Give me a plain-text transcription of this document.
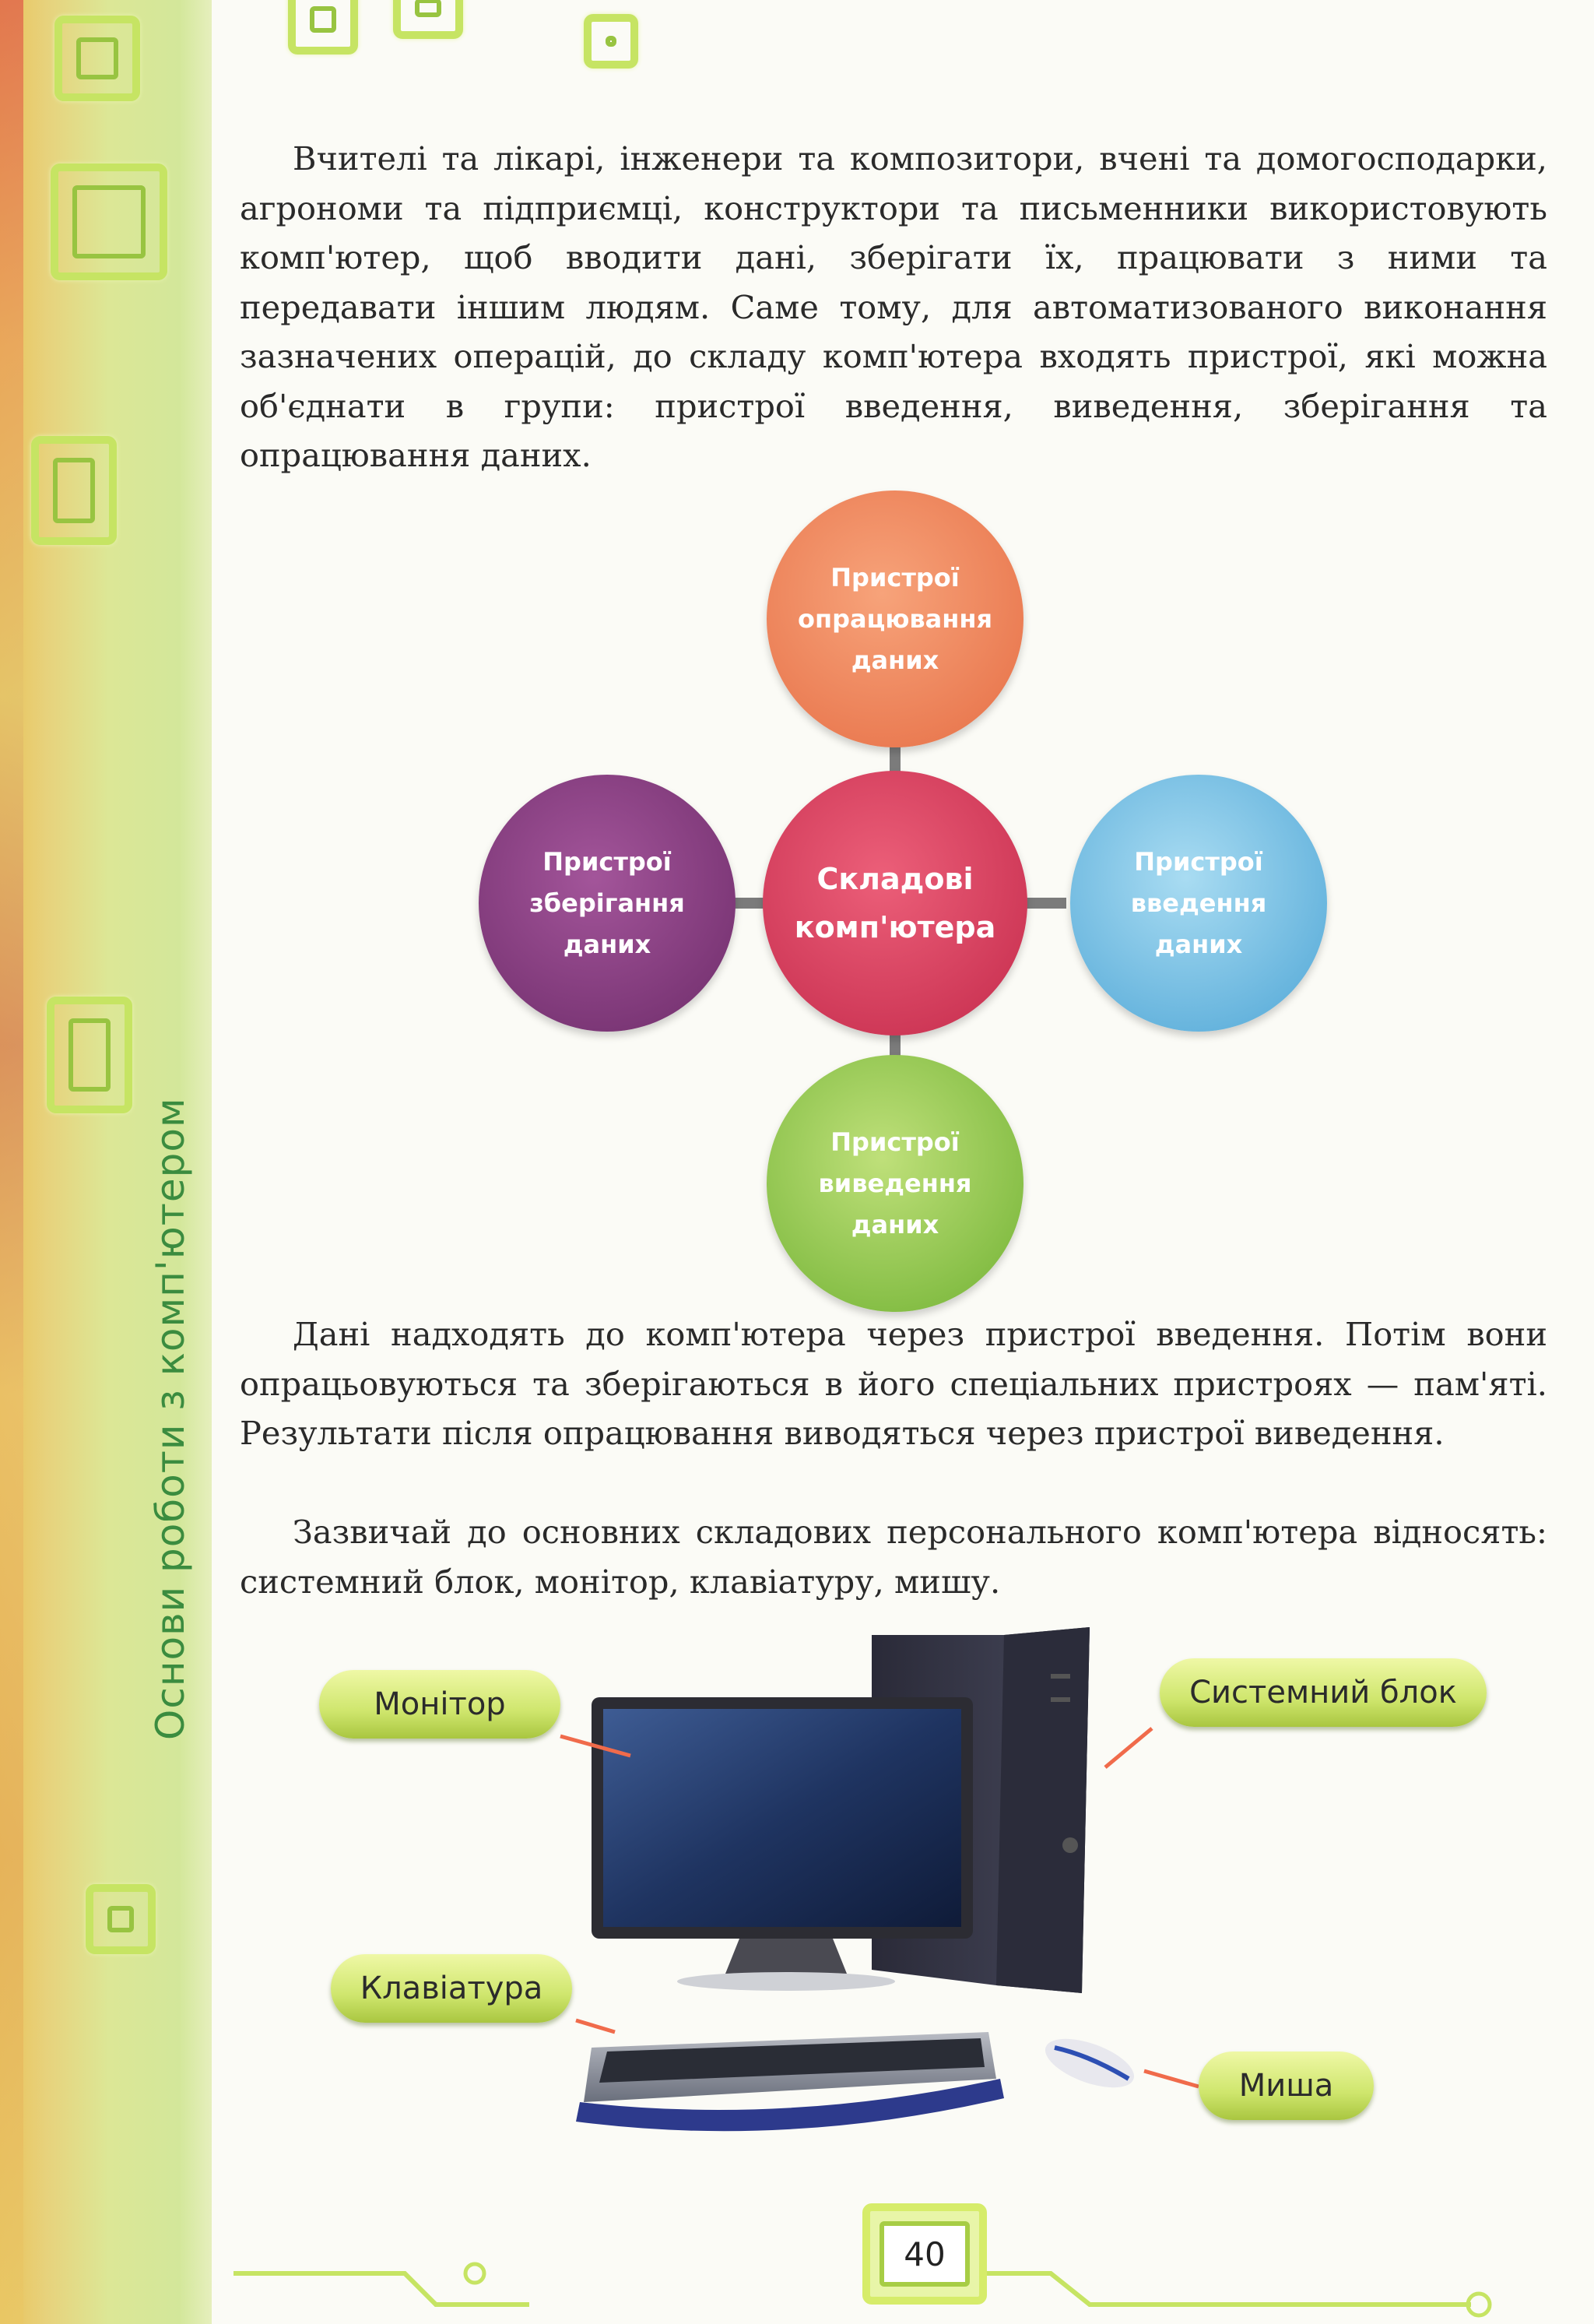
Основи роботи з комп'ютером

Вчителі та лікарі, інженери та композитори, вчені та домогосподарки, агрономи та підприємці, конструктори та письменники використовують комп'ютер, щоб вводити дані, зберігати їх, працювати з ними та передавати іншим людям. Саме тому, для автоматизованого виконання зазначених операцій, до складу комп'ютера входять пристрої, які можна об'єднати в групи: пристрої введення, виведення, зберігання та опрацювання даних.

Пристрої опрацювання даних
Пристрої зберігання даних
Складові комп'ютера
Пристрої введення даних
Пристрої виведення даних

Дані надходять до комп'ютера через пристрої введення. Потім вони опрацьовуються та зберігаються в його спеціальних пристроях — пам'яті. Результати після опрацювання виводяться через пристрої виведення.

Зазвичай до основних складових персонального комп'ютера відносять: системний блок, монітор, клавіатуру, мишу.

Монітор	Системний блок
Клавіатура
Миша
40
